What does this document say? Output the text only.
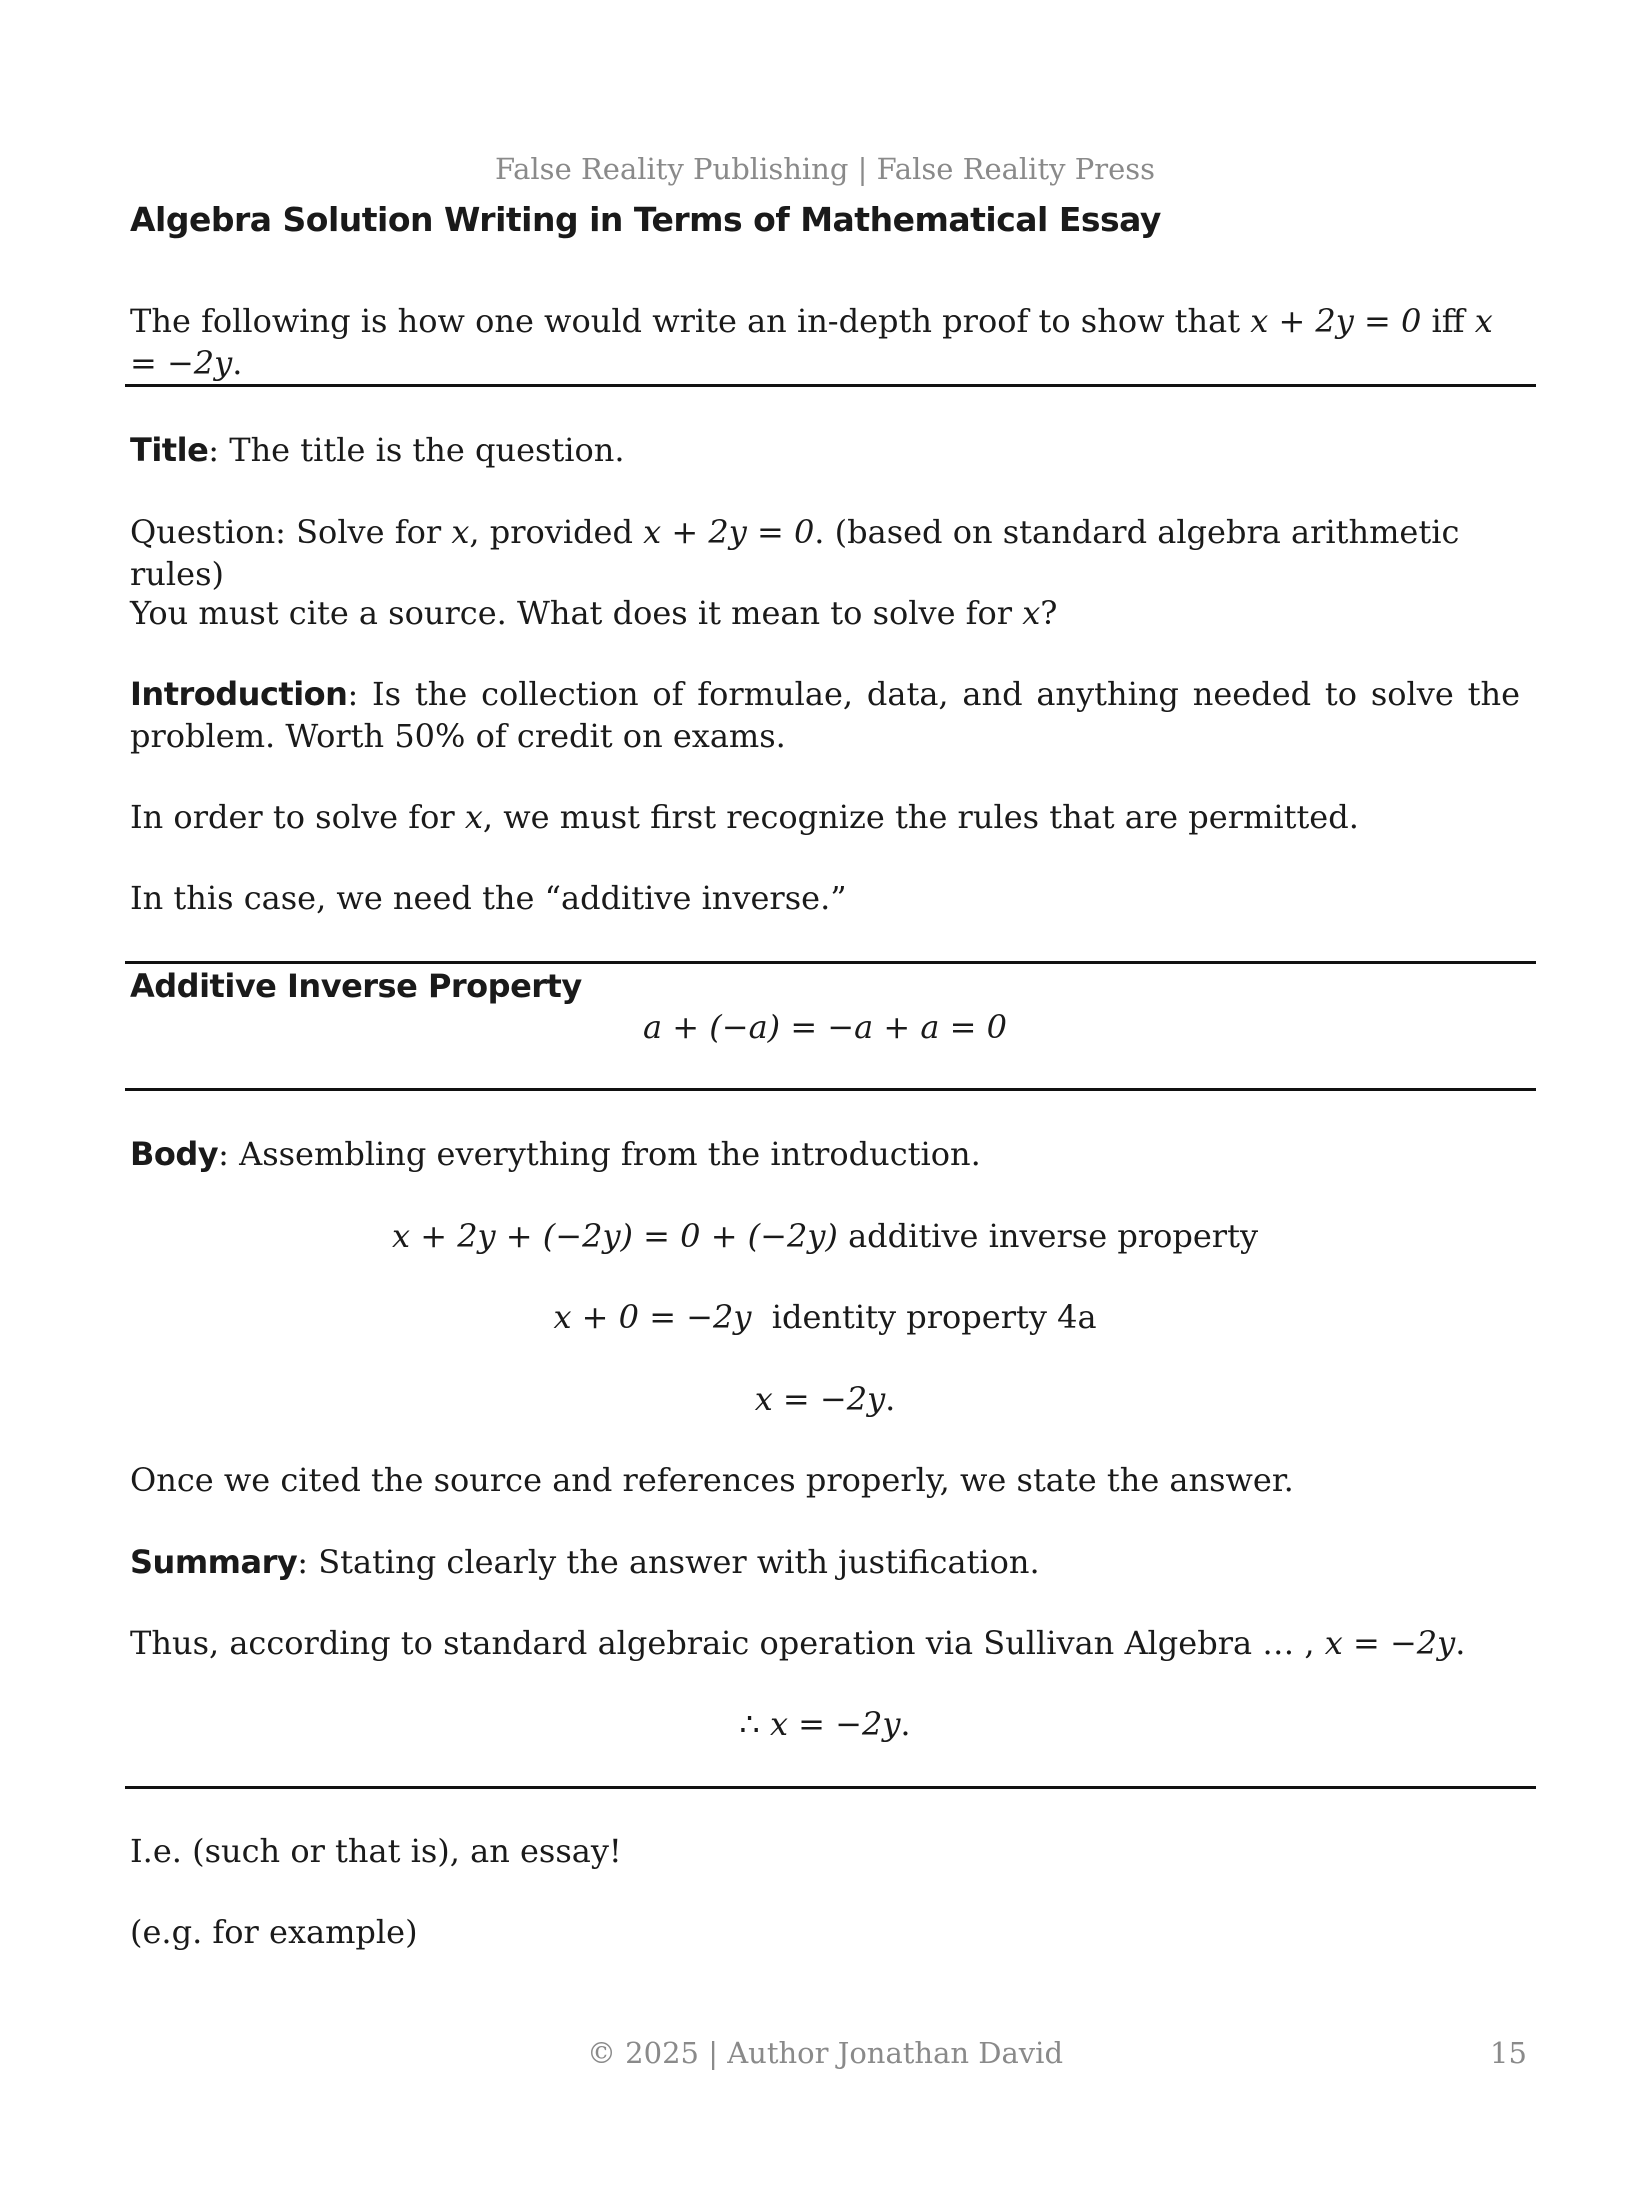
False Reality Publishing | False Reality Press
Algebra Solution Writing in Terms of Mathematical Essay
The following is how one would write an in-depth proof to show that x + 2y = 0 iff x = −2y.
Title: The title is the question.
Question: Solve for x, provided x + 2y = 0. (based on standard algebra arithmetic rules)
You must cite a source. What does it mean to solve for x?
Introduction: Is the collection of formulae, data, and anything needed to solve the problem. Worth 50% of credit on exams.
In order to solve for x, we must first recognize the rules that are permitted.
In this case, we need the “additive inverse.”
Additive Inverse Property
a + (−a) = −a + a = 0
Body: Assembling everything from the introduction.
x + 2y + (−2y) = 0 + (−2y) additive inverse property
x + 0 = −2y  identity property 4a
x = −2y.
Once we cited the source and references properly, we state the answer.
Summary: Stating clearly the answer with justification.
Thus, according to standard algebraic operation via Sullivan Algebra … , x = −2y.
∴ x = −2y.
I.e. (such or that is), an essay!
(e.g. for example)
© 2025 | Author Jonathan David	15
